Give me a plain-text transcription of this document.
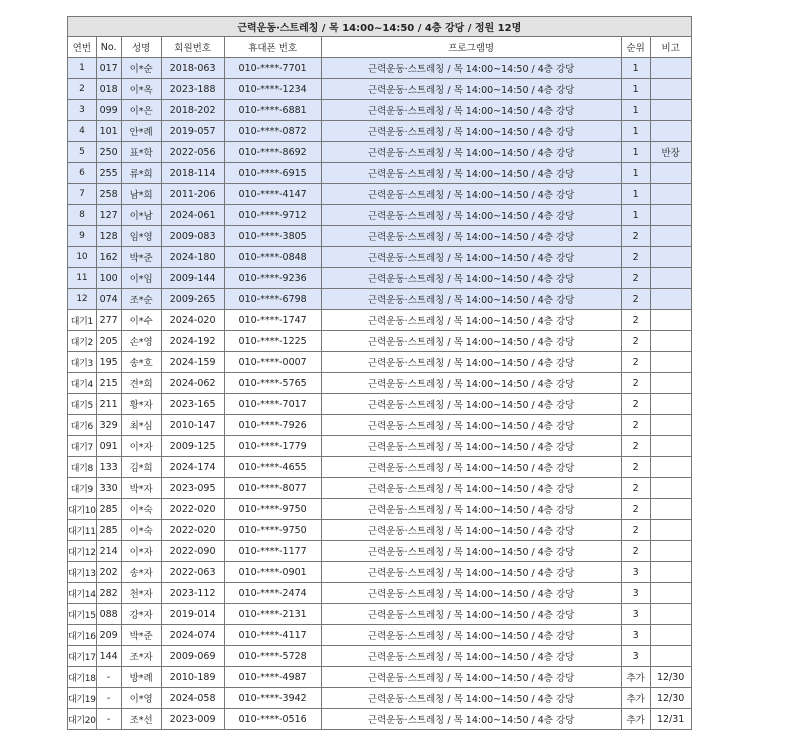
근력운동·스트레칭 / 목 14:00~14:50 / 4층 강당 / 정원 12명							
연번	No.	성명	회원번호	휴대폰 번호	프로그램명	순위	비고
1	017	이*순	2018-063	010-****-7701	근력운동·스트레칭 / 목 14:00~14:50 / 4층 강당	1	
2	018	이*옥	2023-188	010-****-1234	근력운동·스트레칭 / 목 14:00~14:50 / 4층 강당	1	
3	099	이*은	2018-202	010-****-6881	근력운동·스트레칭 / 목 14:00~14:50 / 4층 강당	1	
4	101	안*례	2019-057	010-****-0872	근력운동·스트레칭 / 목 14:00~14:50 / 4층 강당	1	
5	250	표*학	2022-056	010-****-8692	근력운동·스트레칭 / 목 14:00~14:50 / 4층 강당	1	반장
6	255	류*희	2018-114	010-****-6915	근력운동·스트레칭 / 목 14:00~14:50 / 4층 강당	1	
7	258	남*희	2011-206	010-****-4147	근력운동·스트레칭 / 목 14:00~14:50 / 4층 강당	1	
8	127	이*남	2024-061	010-****-9712	근력운동·스트레칭 / 목 14:00~14:50 / 4층 강당	1	
9	128	임*영	2009-083	010-****-3805	근력운동·스트레칭 / 목 14:00~14:50 / 4층 강당	2	
10	162	박*준	2024-180	010-****-0848	근력운동·스트레칭 / 목 14:00~14:50 / 4층 강당	2	
11	100	이*임	2009-144	010-****-9236	근력운동·스트레칭 / 목 14:00~14:50 / 4층 강당	2	
12	074	조*순	2009-265	010-****-6798	근력운동·스트레칭 / 목 14:00~14:50 / 4층 강당	2	
대기1	277	이*수	2024-020	010-****-1747	근력운동·스트레칭 / 목 14:00~14:50 / 4층 강당	2	
대기2	205	손*영	2024-192	010-****-1225	근력운동·스트레칭 / 목 14:00~14:50 / 4층 강당	2	
대기3	195	송*호	2024-159	010-****-0007	근력운동·스트레칭 / 목 14:00~14:50 / 4층 강당	2	
대기4	215	견*희	2024-062	010-****-5765	근력운동·스트레칭 / 목 14:00~14:50 / 4층 강당	2	
대기5	211	황*자	2023-165	010-****-7017	근력운동·스트레칭 / 목 14:00~14:50 / 4층 강당	2	
대기6	329	최*심	2010-147	010-****-7926	근력운동·스트레칭 / 목 14:00~14:50 / 4층 강당	2	
대기7	091	이*자	2009-125	010-****-1779	근력운동·스트레칭 / 목 14:00~14:50 / 4층 강당	2	
대기8	133	김*희	2024-174	010-****-4655	근력운동·스트레칭 / 목 14:00~14:50 / 4층 강당	2	
대기9	330	박*자	2023-095	010-****-8077	근력운동·스트레칭 / 목 14:00~14:50 / 4층 강당	2	
대기10	285	이*숙	2022-020	010-****-9750	근력운동·스트레칭 / 목 14:00~14:50 / 4층 강당	2	
대기11	285	이*숙	2022-020	010-****-9750	근력운동·스트레칭 / 목 14:00~14:50 / 4층 강당	2	
대기12	214	이*자	2022-090	010-****-1177	근력운동·스트레칭 / 목 14:00~14:50 / 4층 강당	2	
대기13	202	송*자	2022-063	010-****-0901	근력운동·스트레칭 / 목 14:00~14:50 / 4층 강당	3	
대기14	282	천*자	2023-112	010-****-2474	근력운동·스트레칭 / 목 14:00~14:50 / 4층 강당	3	
대기15	088	강*자	2019-014	010-****-2131	근력운동·스트레칭 / 목 14:00~14:50 / 4층 강당	3	
대기16	209	박*준	2024-074	010-****-4117	근력운동·스트레칭 / 목 14:00~14:50 / 4층 강당	3	
대기17	144	조*자	2009-069	010-****-5728	근력운동·스트레칭 / 목 14:00~14:50 / 4층 강당	3	
대기18	-	방*례	2010-189	010-****-4987	근력운동·스트레칭 / 목 14:00~14:50 / 4층 강당	추가	12/30
대기19	-	이*영	2024-058	010-****-3942	근력운동·스트레칭 / 목 14:00~14:50 / 4층 강당	추가	12/30
대기20	-	조*선	2023-009	010-****-0516	근력운동·스트레칭 / 목 14:00~14:50 / 4층 강당	추가	12/31
